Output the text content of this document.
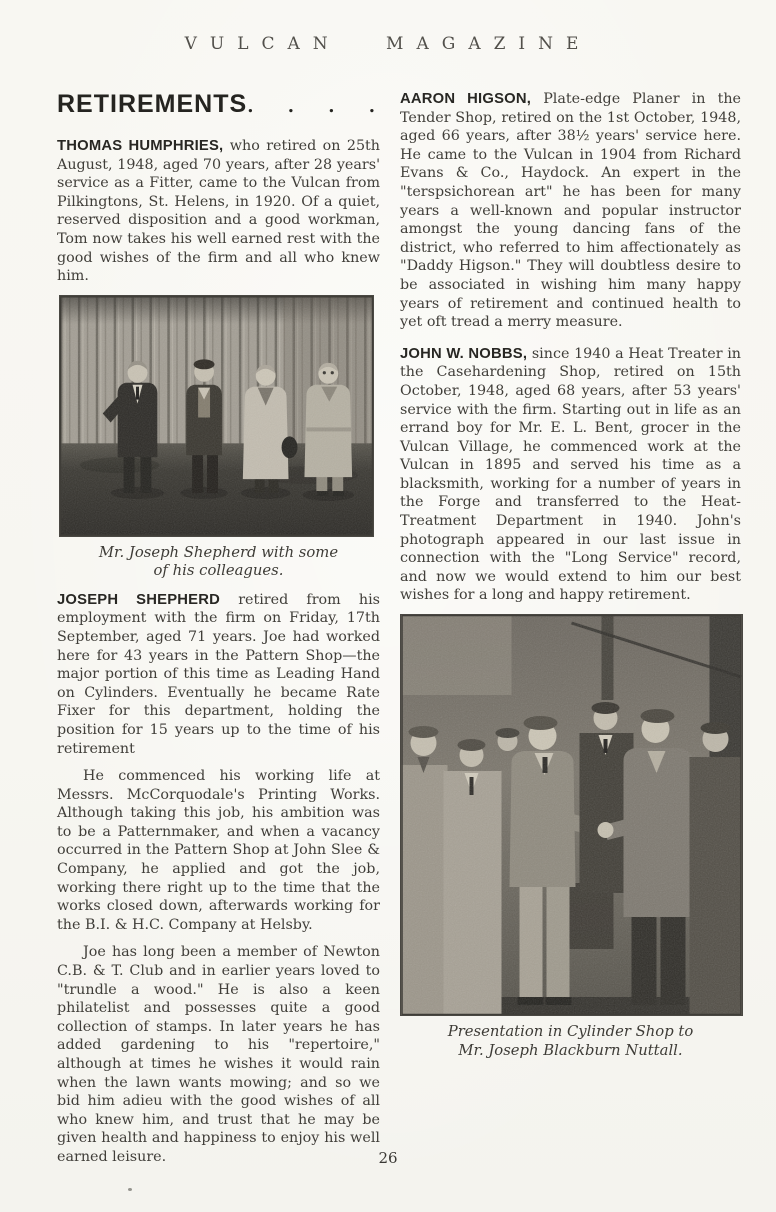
VULCAN MAGAZINE
RETIREMENTS . . . .

THOMAS HUMPHRIES, who retired on 25th August, 1948, aged 70 years, after 28 years' service as a Fitter, came to the Vulcan from Pilkingtons, St. Helens, in 1920. Of a quiet, reserved disposition and a good workman, Tom now takes his well earned rest with the good wishes of the firm and all who knew him.

Mr. Joseph Shepherd with some of his colleagues.

JOSEPH SHEPHERD retired from his employment with the firm on Friday, 17th September, aged 71 years. Joe had worked here for 43 years in the Pattern Shop—the major portion of this time as Leading Hand on Cylinders. Eventually he became Rate Fixer for this department, holding the position for 15 years up to the time of his retirement

He commenced his working life at Messrs. McCorquodale's Printing Works. Although taking this job, his ambition was to be a Patternmaker, and when a vacancy occurred in the Pattern Shop at John Slee & Company, he applied and got the job, working there right up to the time that the works closed down, afterwards working for the B.I. & H.C. Company at Helsby.

Joe has long been a member of Newton C.B. & T. Club and in earlier years loved to "trundle a wood." He is also a keen philatelist and possesses quite a good collection of stamps. In later years he has added gardening to his "repertoire," although at times he wishes it would rain when the lawn wants mowing; and so we bid him adieu with the good wishes of all who knew him, and trust that he may be given health and happiness to enjoy his well earned leisure.

AARON HIGSON, Plate-edge Planer in the Tender Shop, retired on the 1st October, 1948, aged 66 years, after 38½ years' service here. He came to the Vulcan in 1904 from Richard Evans & Co., Haydock. An expert in the "terspsichorean art" he has been for many years a well-known and popular instructor amongst the young dancing fans of the district, who referred to him affectionately as "Daddy Higson." They will doubtless desire to be associated in wishing him many happy years of retirement and continued health to yet oft tread a merry measure.

JOHN W. NOBBS, since 1940 a Heat Treater in the Casehardening Shop, retired on 15th October, 1948, aged 68 years, after 53 years' service with the firm. Starting out in life as an errand boy for Mr. E. L. Bent, grocer in the Vulcan Village, he commenced work at the Vulcan in 1895 and served his time as a blacksmith, working for a number of years in the Forge and transferred to the Heat-Treatment Department in 1940. John's photograph appeared in our last issue in connection with the "Long Service" record, and now we would extend to him our best wishes for a long and happy retirement.

Presentation in Cylinder Shop to Mr. Joseph Blackburn Nuttall.
26
